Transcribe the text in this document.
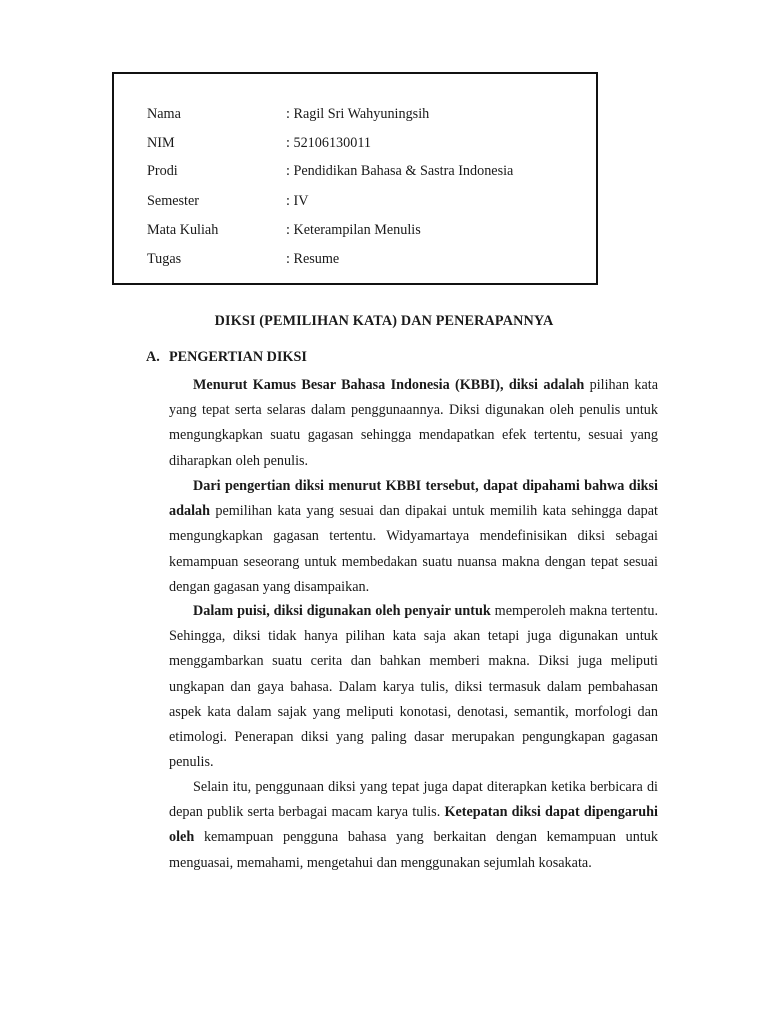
Nama	: Ragil Sri Wahyuningsih
NIM	: 52106130011
Prodi	: Pendidikan Bahasa & Sastra Indonesia
Semester	: IV
Mata Kuliah	: Keterampilan Menulis
Tugas	: Resume
DIKSI (PEMILIHAN KATA) DAN PENERAPANNYA
A. PENGERTIAN DIKSI

Menurut Kamus Besar Bahasa Indonesia (KBBI), diksi adalah pilihan kata yang tepat serta selaras dalam penggunaannya. Diksi digunakan oleh penulis untuk mengungkapkan suatu gagasan sehingga mendapatkan efek tertentu, sesuai yang diharapkan oleh penulis.

Dari pengertian diksi menurut KBBI tersebut, dapat dipahami bahwa diksi adalah pemilihan kata yang sesuai dan dipakai untuk memilih kata sehingga dapat mengungkapkan gagasan tertentu. Widyamartaya mendefinisikan diksi sebagai kemampuan seseorang untuk membedakan suatu nuansa makna dengan tepat sesuai dengan gagasan yang disampaikan.

Dalam puisi, diksi digunakan oleh penyair untuk memperoleh makna tertentu. Sehingga, diksi tidak hanya pilihan kata saja akan tetapi juga digunakan untuk menggambarkan suatu cerita dan bahkan memberi makna. Diksi juga meliputi ungkapan dan gaya bahasa. Dalam karya tulis, diksi termasuk dalam pembahasan aspek kata dalam sajak yang meliputi konotasi, denotasi, semantik, morfologi dan etimologi. Penerapan diksi yang paling dasar merupakan pengungkapan gagasan penulis.

Selain itu, penggunaan diksi yang tepat juga dapat diterapkan ketika berbicara di depan publik serta berbagai macam karya tulis. Ketepatan diksi dapat dipengaruhi oleh kemampuan pengguna bahasa yang berkaitan dengan kemampuan untuk menguasai, memahami, mengetahui dan menggunakan sejumlah kosakata.
